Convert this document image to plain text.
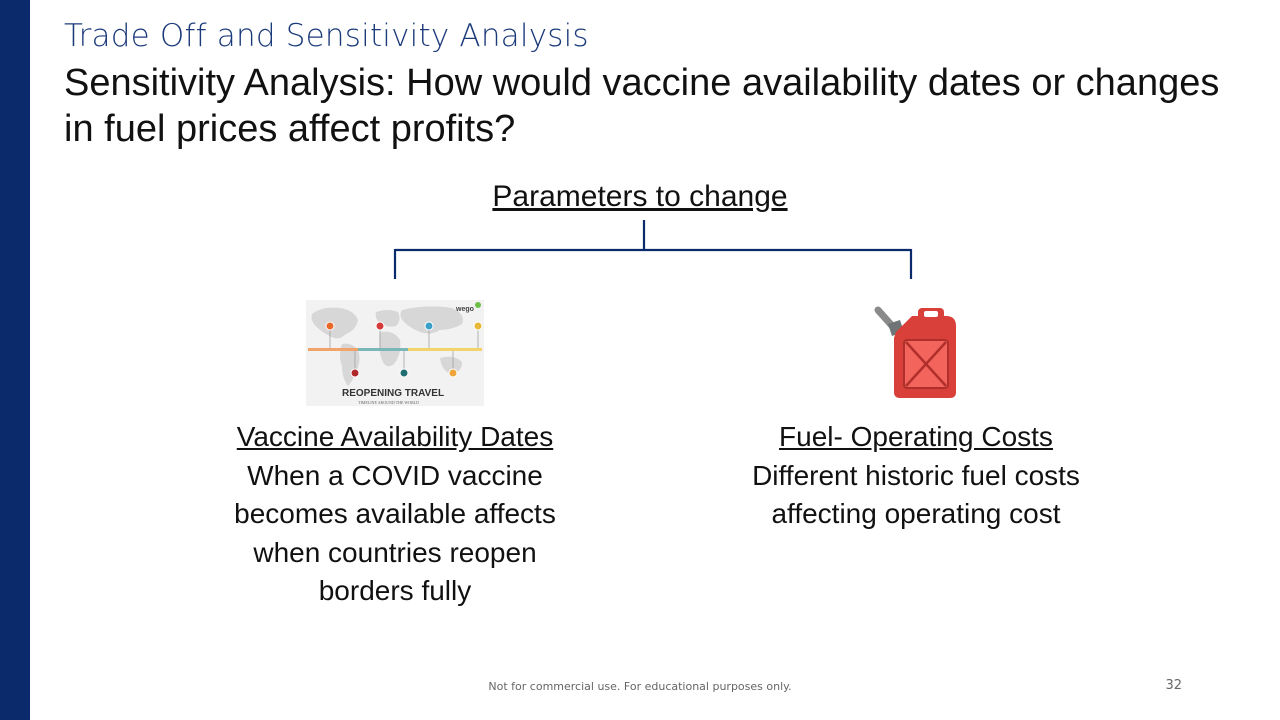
Trade Off and Sensitivity Analysis
Sensitivity Analysis: How would vaccine availability dates or changes in fuel prices affect profits?
Parameters to change
wego
REOPENING TRAVEL
TIMELINE AROUND THE WORLD
Vaccine Availability Dates
When a COVID vaccine becomes available affects when countries reopen borders fully
Fuel- Operating Costs
Different historic fuel costs affecting operating cost
Not for commercial use. For educational purposes only.	32
